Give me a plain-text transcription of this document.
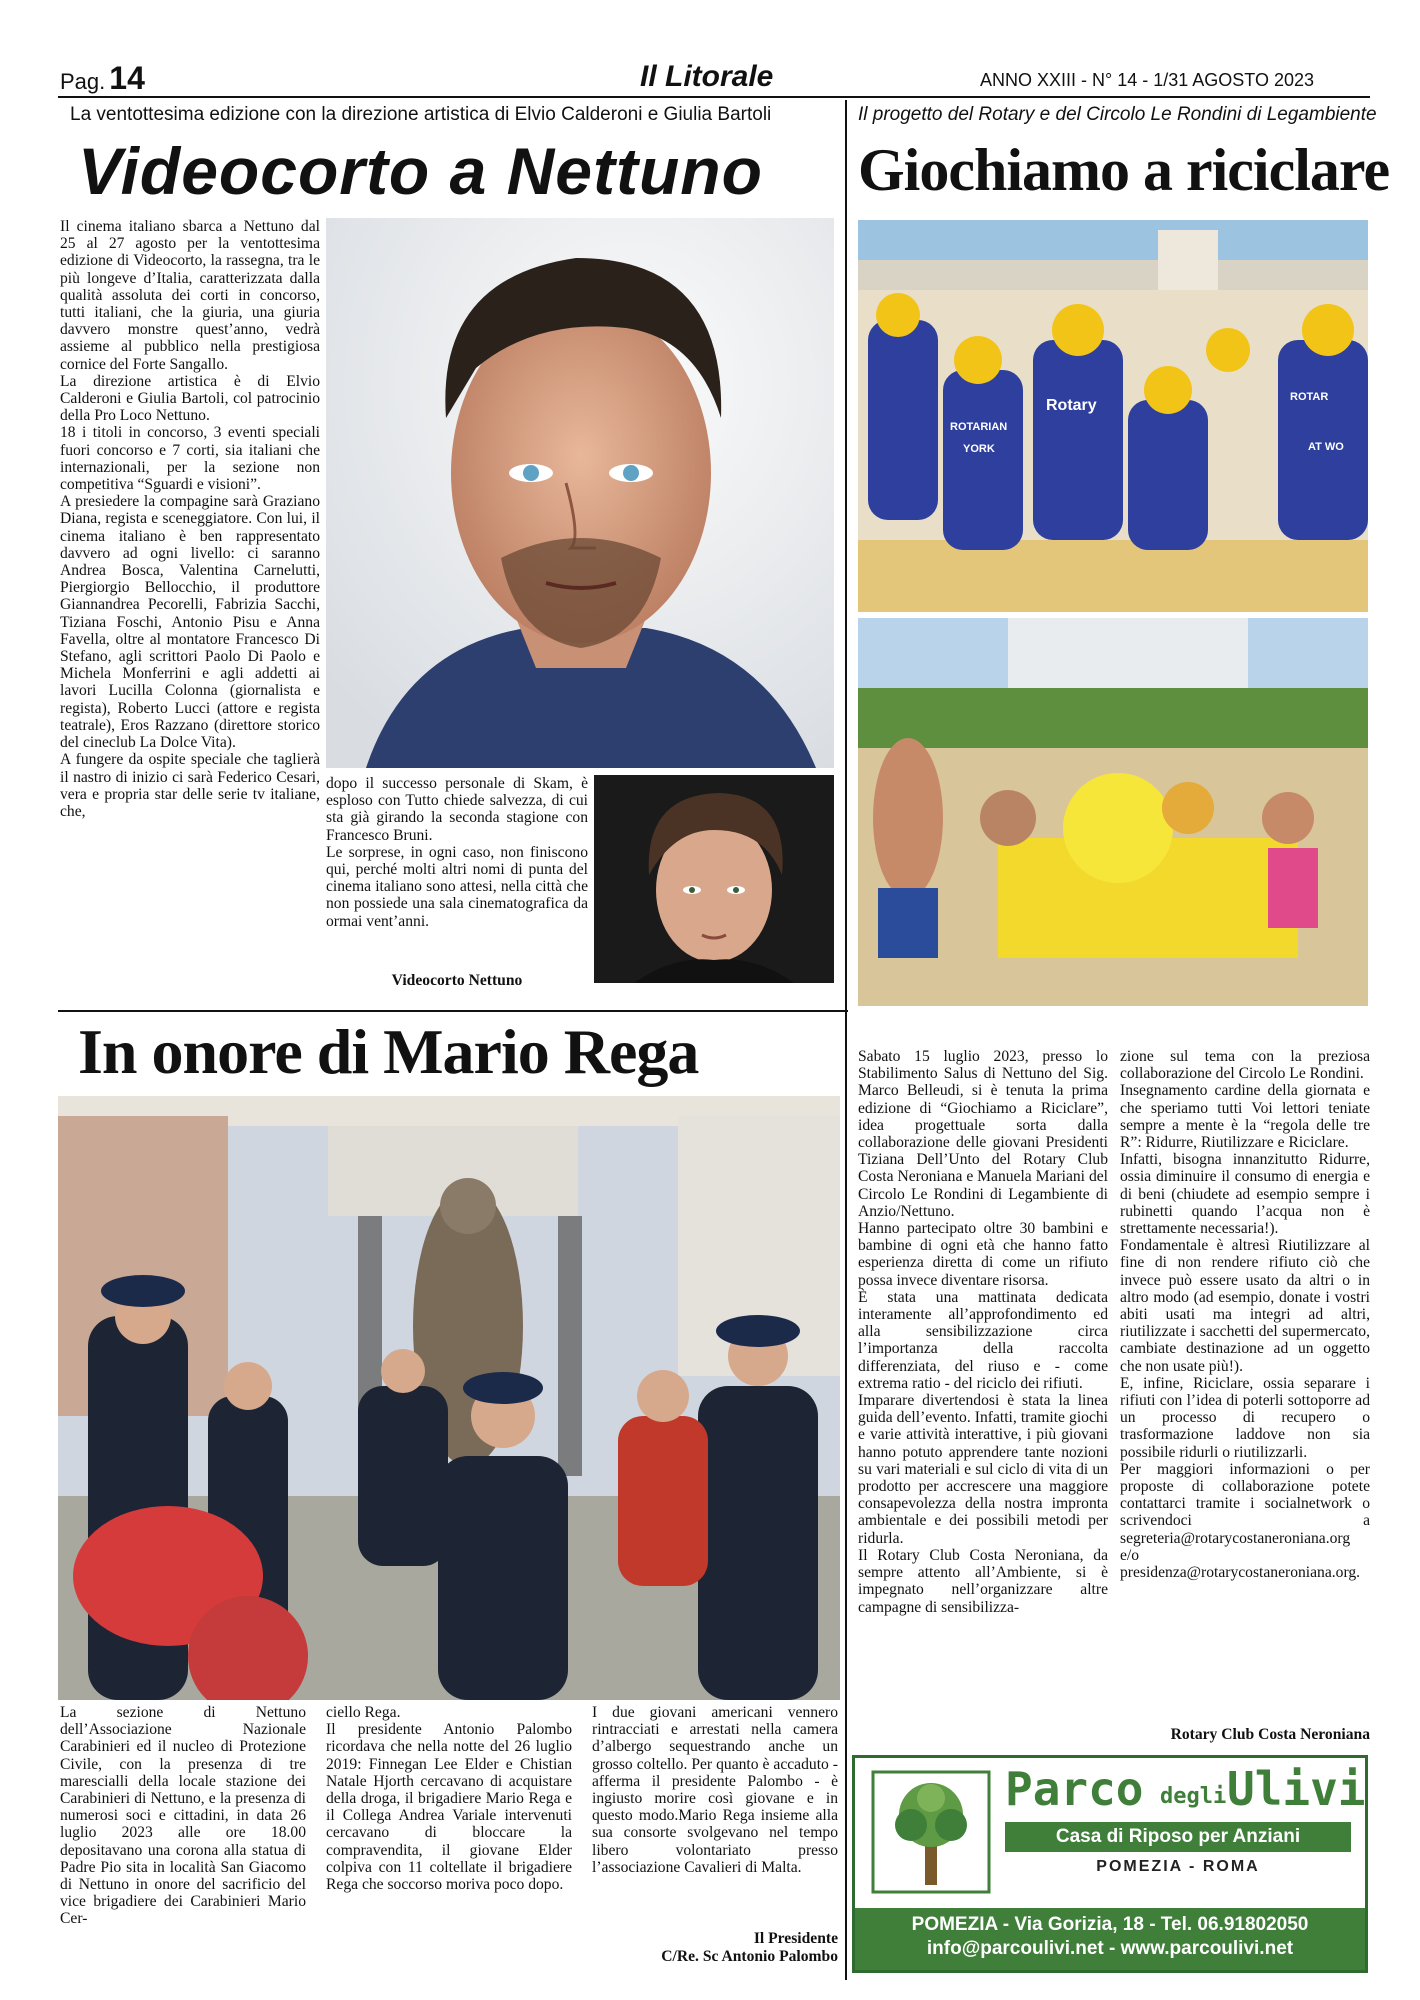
Pag. 14	Il Litorale	ANNO XXIII - N° 14 - 1/31 AGOSTO 2023
La ventottesima edizione con la direzione artistica di Elvio Calderoni e Giulia Bartoli
Videocorto a Nettuno

Il cinema italiano sbarca a Nettuno dal 25 al 27 agosto per la ventottesima edizione di Videocorto, la rassegna, tra le più longeve d’Italia, caratterizzata dalla qualità assoluta dei corti in concorso, tutti italiani, che la giuria, una giuria davvero monstre quest’anno, vedrà assieme al pubblico nella prestigiosa cornice del Forte Sangallo.

La direzione artistica è di Elvio Calderoni e Giulia Bartoli, col patrocinio della Pro Loco Nettuno.

18 i titoli in concorso, 3 eventi speciali fuori concorso e 7 corti, sia italiani che internazionali, per la sezione non competitiva “Sguardi e visioni”.

A presiedere la compagine sarà Graziano Diana, regista e sceneggiatore. Con lui, il cinema italiano è ben rappresentato davvero ad ogni livello: ci saranno Andrea Bosca, Valentina Carnelutti, Piergiorgio Bellocchio, il produttore Giannandrea Pecorelli, Fabrizia Sacchi, Tiziana Foschi, Antonio Pisu e Anna Favella, oltre al montatore Francesco Di Stefano, agli scrittori Paolo Di Paolo e Michela Monferrini e agli addetti ai lavori Lucilla Colonna (giornalista e regista), Roberto Lucci (attore e regista teatrale), Eros Razzano (direttore storico del cineclub La Dolce Vita).

A fungere da ospite speciale che taglierà il nastro di inizio ci sarà Federico Cesari, vera e propria star delle serie tv italiane, che,

dopo il successo personale di Skam, è esploso con Tutto chiede salvezza, di cui sta già girando la seconda stagione con Francesco Bruni.

Le sorprese, in ogni caso, non finiscono qui, perché molti altri nomi di punta del cinema italiano sono attesi, nella città che non possiede una sala cinematografica da ormai vent’anni.

Videocorto Nettuno
Il progetto del Rotary e del Circolo Le Rondini di Legambiente
Giochiamo a riciclare
ROTARIAN
YORK
Rotary	ROTAR
AT WO

Sabato 15 luglio 2023, presso lo Stabilimento Salus di Nettuno del Sig. Marco Belleudi, si è tenuta la prima edizione di “Giochiamo a Riciclare”, idea progettuale sorta dalla collaborazione delle giovani Presidenti Tiziana Dell’Unto del Rotary Club Costa Neroniana e Manuela Mariani del Circolo Le Rondini di Legambiente di Anzio/Nettuno.

Hanno partecipato oltre 30 bambini e bambine di ogni età che hanno fatto esperienza diretta di come un rifiuto possa invece diventare risorsa.

È stata una mattinata dedicata interamente all’approfondimento ed alla sensibilizzazione circa l’importanza della raccolta differenziata, del riuso e - come extrema ratio - del riciclo dei rifiuti.

Imparare divertendosi è stata la linea guida dell’evento. Infatti, tramite giochi e varie attività interattive, i più giovani hanno potuto apprendere tante nozioni su vari materiali e sul ciclo di vita di un prodotto per accrescere una maggiore consapevolezza della nostra impronta ambientale e dei possibili metodi per ridurla.

Il Rotary Club Costa Neroniana, da sempre attento all’Ambiente, si è impegnato nell’organizzare altre campagne di sensibilizza-

zione sul tema con la preziosa collaborazione del Circolo Le Rondini.

Insegnamento cardine della giornata e che speriamo tutti Voi lettori teniate sempre a mente è la “regola delle tre R”: Ridurre, Riutilizzare e Riciclare.

Infatti, bisogna innanzitutto Ridurre, ossia diminuire il consumo di energia e di beni (chiudete ad esempio sempre i rubinetti quando l’acqua non è strettamente necessaria!).

Fondamentale è altresì Riutilizzare al fine di non rendere rifiuto ciò che invece può essere usato da altri o in altro modo (ad esempio, donate i vostri abiti usati ma integri ad altri, riutilizzate i sacchetti del supermercato, cambiate destinazione ad un oggetto che non usate più!).

E, infine, Riciclare, ossia separare i rifiuti con l’idea di poterli sottoporre ad un processo di recupero o trasformazione laddove non sia possibile ridurli o riutilizzarli.

Per maggiori informazioni o per proposte di collaborazione potete contattarci tramite i socialnetwork o scrivendoci a segreteria@rotarycostaneroniana.org e/o presidenza@rotarycostaneroniana.org.

Rotary Club Costa Neroniana
In onore di Mario Rega

La sezione di Nettuno dell’Associazione Nazionale Carabinieri ed il nucleo di Protezione Civile, con la presenza di tre marescialli della locale stazione dei Carabinieri di Nettuno, e la presenza di numerosi soci e cittadini, in data 26 luglio 2023 alle ore 18.00 depositavano una corona alla statua di Padre Pio sita in località San Giacomo di Nettuno in onore del sacrificio del vice brigadiere dei Carabinieri Mario Cer-

ciello Rega.

Il presidente Antonio Palombo ricordava che nella notte del 26 luglio 2019: Finnegan Lee Elder e Chistian Natale Hjorth cercavano di acquistare della droga, il brigadiere Mario Rega e il Collega Andrea Variale intervenuti cercavano di bloccare la compravendita, il giovane Elder colpiva con 11 coltellate il brigadiere Rega che soccorso moriva poco dopo.

I due giovani americani vennero rintracciati e arrestati nella camera d’albergo sequestrando anche un grosso coltello. Per quanto è accaduto - afferma il presidente Palombo - è ingiusto morire così giovane e in questo modo.Mario Rega insieme alla sua consorte svolgevano nel tempo libero volontariato presso l’associazione Cavalieri di Malta.

Il Presidente
C/Re. Sc Antonio Palombo
Parco degli Ulivi
Casa di Riposo per Anziani
POMEZIA - ROMA
POMEZIA - Via Gorizia, 18 - Tel. 06.91802050
info@parcoulivi.net - www.parcoulivi.net
